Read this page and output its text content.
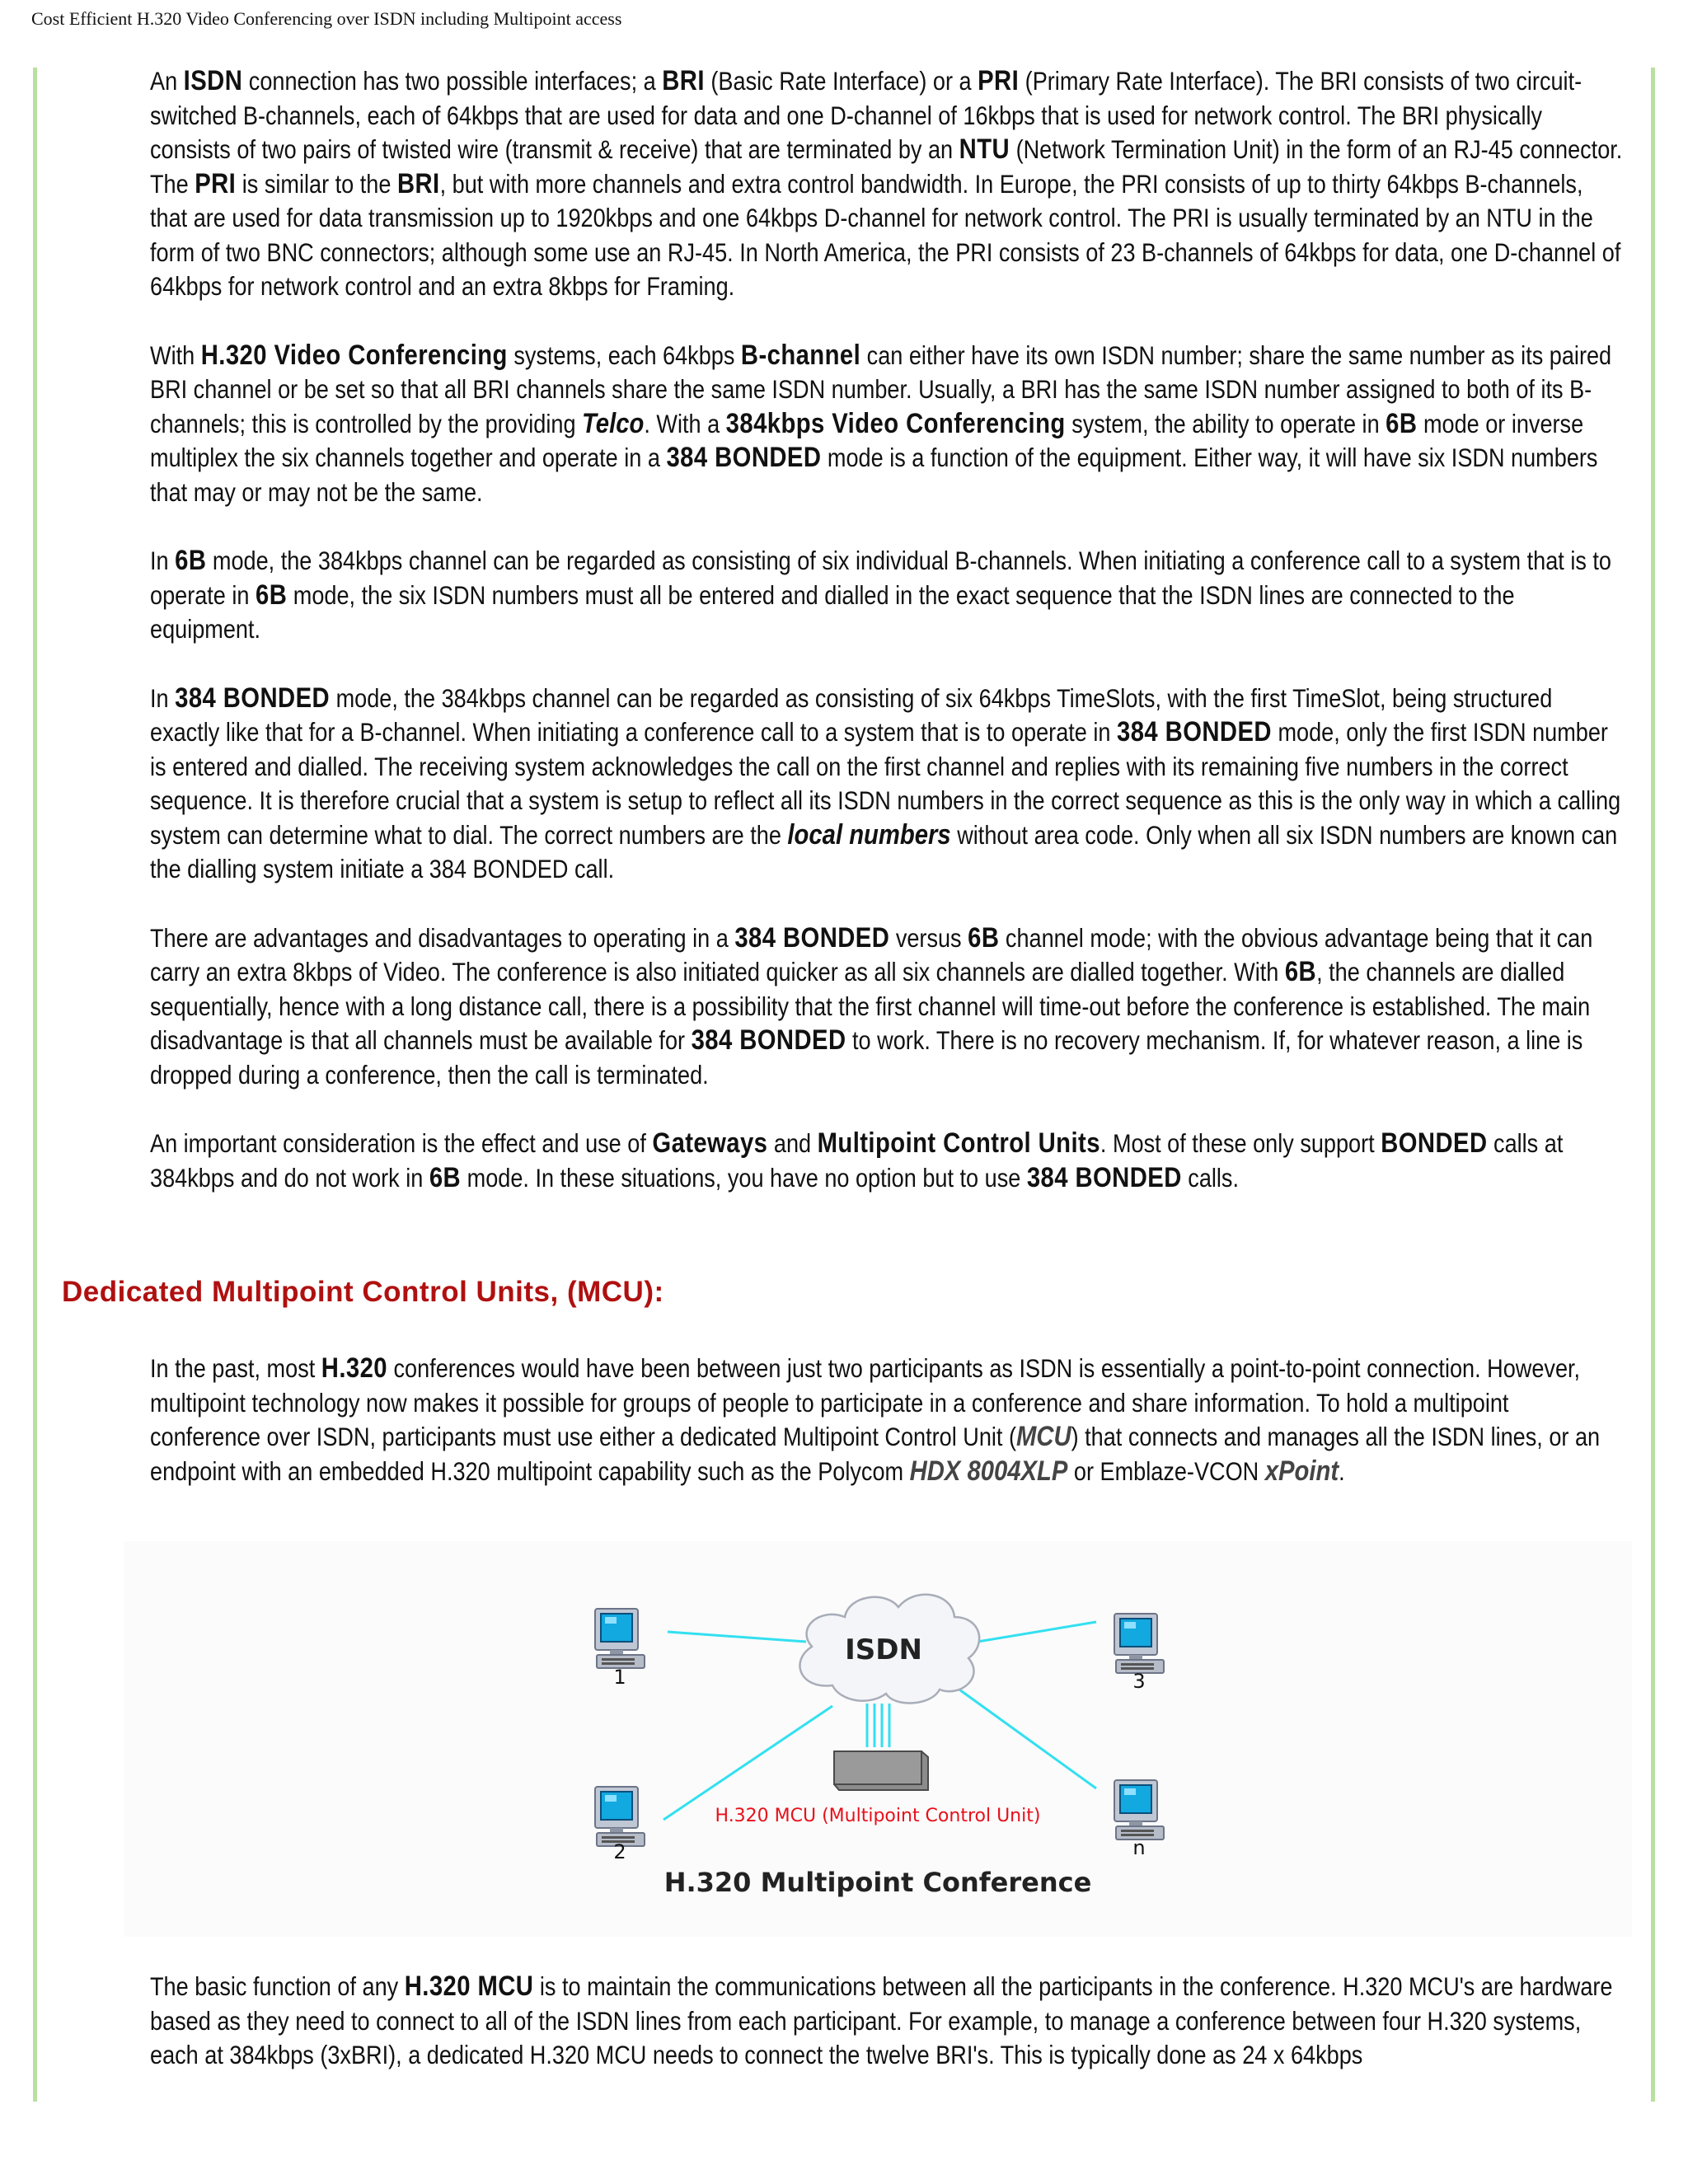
Cost Efficient H.320 Video Conferencing over ISDN including Multipoint access

An ISDN connection has two possible interfaces; a BRI (Basic Rate Interface) or a PRI (Primary Rate Interface). The BRI consists of two circuit-switched B-channels, each of 64kbps that are used for data and one D-channel of 16kbps that is used for network control. The BRI physically consists of two pairs of twisted wire (transmit & receive) that are terminated by an NTU (Network Termination Unit) in the form of an RJ-45 connector. The PRI is similar to the BRI, but with more channels and extra control bandwidth. In Europe, the PRI consists of up to thirty 64kbps B-channels, that are used for data transmission up to 1920kbps and one 64kbps D-channel for network control. The PRI is usually terminated by an NTU in the form of two BNC connectors; although some use an RJ-45. In North America, the PRI consists of 23 B-channels of 64kbps for data, one D-channel of 64kbps for network control and an extra 8kbps for Framing.

With H.320 Video Conferencing systems, each 64kbps B-channel can either have its own ISDN number; share the same number as its paired BRI channel or be set so that all BRI channels share the same ISDN number. Usually, a BRI has the same ISDN number assigned to both of its B-channels; this is controlled by the providing Telco. With a 384kbps Video Conferencing system, the ability to operate in 6B mode or inverse multiplex the six channels together and operate in a 384 BONDED mode is a function of the equipment. Either way, it will have six ISDN numbers that may or may not be the same.

In 6B mode, the 384kbps channel can be regarded as consisting of six individual B-channels. When initiating a conference call to a system that is to operate in 6B mode, the six ISDN numbers must all be entered and dialled in the exact sequence that the ISDN lines are connected to the equipment.

In 384 BONDED mode, the 384kbps channel can be regarded as consisting of six 64kbps TimeSlots, with the first TimeSlot, being structured exactly like that for a B-channel. When initiating a conference call to a system that is to operate in 384 BONDED mode, only the first ISDN number is entered and dialled. The receiving system acknowledges the call on the first channel and replies with its remaining five numbers in the correct sequence. It is therefore crucial that a system is setup to reflect all its ISDN numbers in the correct sequence as this is the only way in which a calling system can determine what to dial. The correct numbers are the local numbers without area code. Only when all six ISDN numbers are known can the dialling system initiate a 384 BONDED call.

There are advantages and disadvantages to operating in a 384 BONDED versus 6B channel mode; with the obvious advantage being that it can carry an extra 8kbps of Video. The conference is also initiated quicker as all six channels are dialled together. With 6B, the channels are dialled sequentially, hence with a long distance call, there is a possibility that the first channel will time-out before the conference is established. The main disadvantage is that all channels must be available for 384 BONDED to work. There is no recovery mechanism. If, for whatever reason, a line is dropped during a conference, then the call is terminated.

An important consideration is the effect and use of Gateways and Multipoint Control Units. Most of these only support BONDED calls at 384kbps and do not work in 6B mode. In these situations, you have no option but to use 384 BONDED calls.

Dedicated Multipoint Control Units, (MCU):

In the past, most H.320 conferences would have been between just two participants as ISDN is essentially a point-to-point connection. However, multipoint technology now makes it possible for groups of people to participate in a conference and share information. To hold a multipoint conference over ISDN, participants must use either a dedicated Multipoint Control Unit (MCU) that connects and manages all the ISDN lines, or an endpoint with an embedded H.320 multipoint capability such as the Polycom HDX 8004XLP or Emblaze-VCON xPoint.

ISDN
H.320 MCU (Multipoint Control Unit)
1	3
2	n
H.320 Multipoint Conference

The basic function of any H.320 MCU is to maintain the communications between all the participants in the conference. H.320 MCU's are hardware based as they need to connect to all of the ISDN lines from each participant. For example, to manage a conference between four H.320 systems, each at 384kbps (3xBRI), a dedicated H.320 MCU needs to connect the twelve BRI's. This is typically done as 24 x 64kbps
